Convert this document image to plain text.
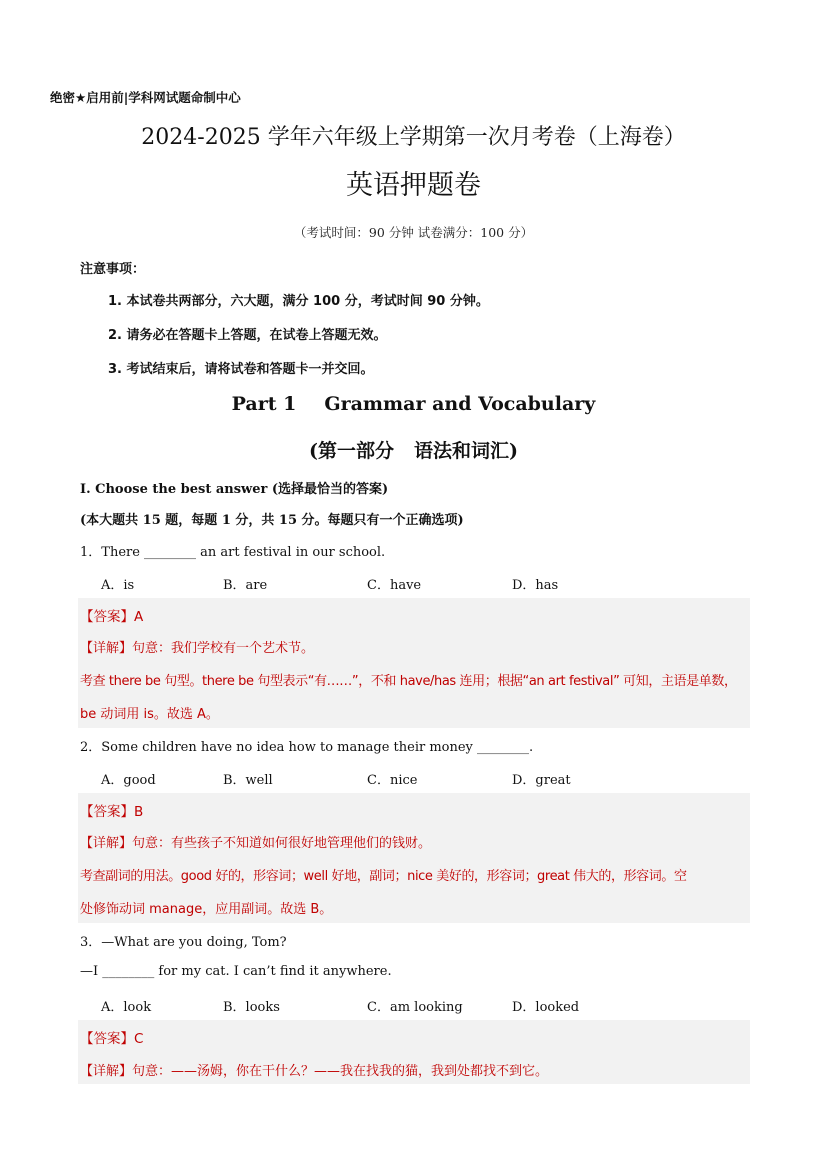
绝密★启用前|学科网试题命制中心
2024-2025 学年六年级上学期第一次月考卷（上海卷）
英语押题卷
（考试时间：90 分钟 试卷满分：100 分）
注意事项：
1. 本试卷共两部分，六大题，满分 100 分，考试时间 90 分钟。
2. 请务必在答题卡上答题，在试卷上答题无效。
3. 考试结束后，请将试卷和答题卡一并交回。
Part 1 Grammar and Vocabulary
(第一部分 语法和词汇)
I. Choose the best answer (选择最恰当的答案)
(本大题共 15 题，每题 1 分，共 15 分。每题只有一个正确选项)
1．There ________ an art festival in our school.
A．is	B．are	C．have	D．has
【答案】A
【详解】句意：我们学校有一个艺术节。
考查 there be 句型。there be 句型表示“有……”，不和 have/has 连用；根据“an art festival” 可知，主语是单数，
be 动词用 is。故选 A。
2．Some children have no idea how to manage their money ________.
A．good	B．well	C．nice	D．great
【答案】B
【详解】句意：有些孩子不知道如何很好地管理他们的钱财。
考查副词的用法。good 好的，形容词；well 好地，副词；nice 美好的，形容词；great 伟大的，形容词。空
处修饰动词 manage，应用副词。故选 B。
3．—What are you doing, Tom?
—I ________ for my cat. I can’t find it anywhere.
A．look	B．looks	C．am looking	D．looked
【答案】C
【详解】句意：——汤姆，你在干什么？——我在找我的猫，我到处都找不到它。
